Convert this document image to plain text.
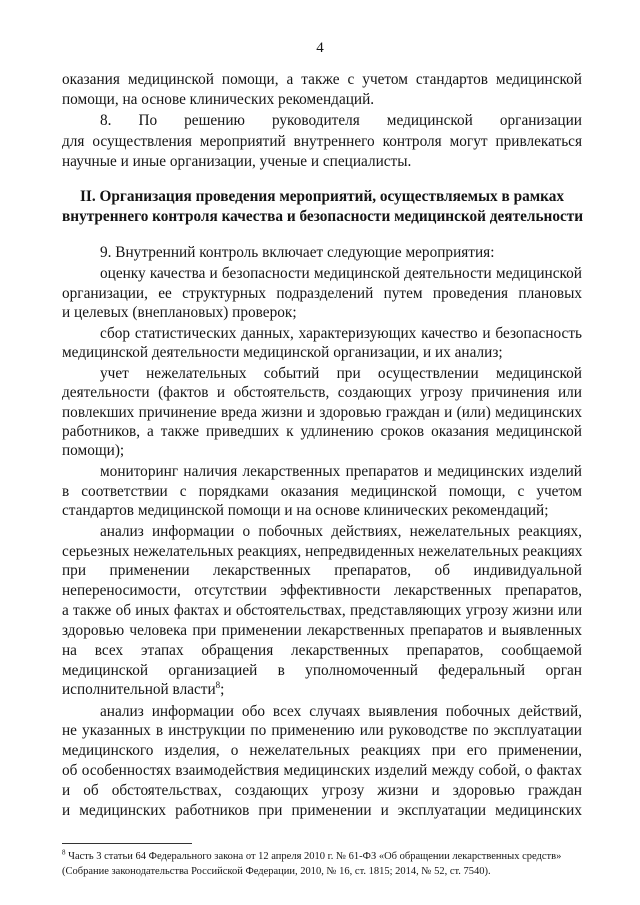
4
оказания медицинской помощи, а также с учетом стандартов медицинской
помощи, на основе клинических рекомендаций.
8. По решению руководителя медицинской организации
для осуществления мероприятий внутреннего контроля могут привлекаться
научные и иные организации, ученые и специалисты.
II. Организация проведения мероприятий, осуществляемых в рамках
внутреннего контроля качества и безопасности медицинской деятельности
9. Внутренний контроль включает следующие мероприятия:
оценку качества и безопасности медицинской деятельности медицинской
организации, ее структурных подразделений путем проведения плановых
и целевых (внеплановых) проверок;
сбор статистических данных, характеризующих качество и безопасность
медицинской деятельности медицинской организации, и их анализ;
учет нежелательных событий при осуществлении медицинской
деятельности (фактов и обстоятельств, создающих угрозу причинения или
повлекших причинение вреда жизни и здоровью граждан и (или) медицинских
работников, а также приведших к удлинению сроков оказания медицинской
помощи);
мониторинг наличия лекарственных препаратов и медицинских изделий
в соответствии с порядками оказания медицинской помощи, с учетом
стандартов медицинской помощи и на основе клинических рекомендаций;
анализ информации о побочных действиях, нежелательных реакциях,
серьезных нежелательных реакциях, непредвиденных нежелательных реакциях
при применении лекарственных препаратов, об индивидуальной
непереносимости, отсутствии эффективности лекарственных препаратов,
а также об иных фактах и обстоятельствах, представляющих угрозу жизни или
здоровью человека при применении лекарственных препаратов и выявленных
на всех этапах обращения лекарственных препаратов, сообщаемой
медицинской организацией в уполномоченный федеральный орган
исполнительной власти$^8$;
анализ информации обо всех случаях выявления побочных действий,
не указанных в инструкции по применению или руководстве по эксплуатации
медицинского изделия, о нежелательных реакциях при его применении,
об особенностях взаимодействия медицинских изделий между собой, о фактах
и об обстоятельствах, создающих угрозу жизни и здоровью граждан
и медицинских работников при применении и эксплуатации медицинских
$^8$ Часть 3 статьи 64 Федерального закона от 12 апреля 2010 г. № 61-ФЗ «Об обращении лекарственных средств»
(Собрание законодательства Российской Федерации, 2010, № 16, ст. 1815; 2014, № 52, ст. 7540).
